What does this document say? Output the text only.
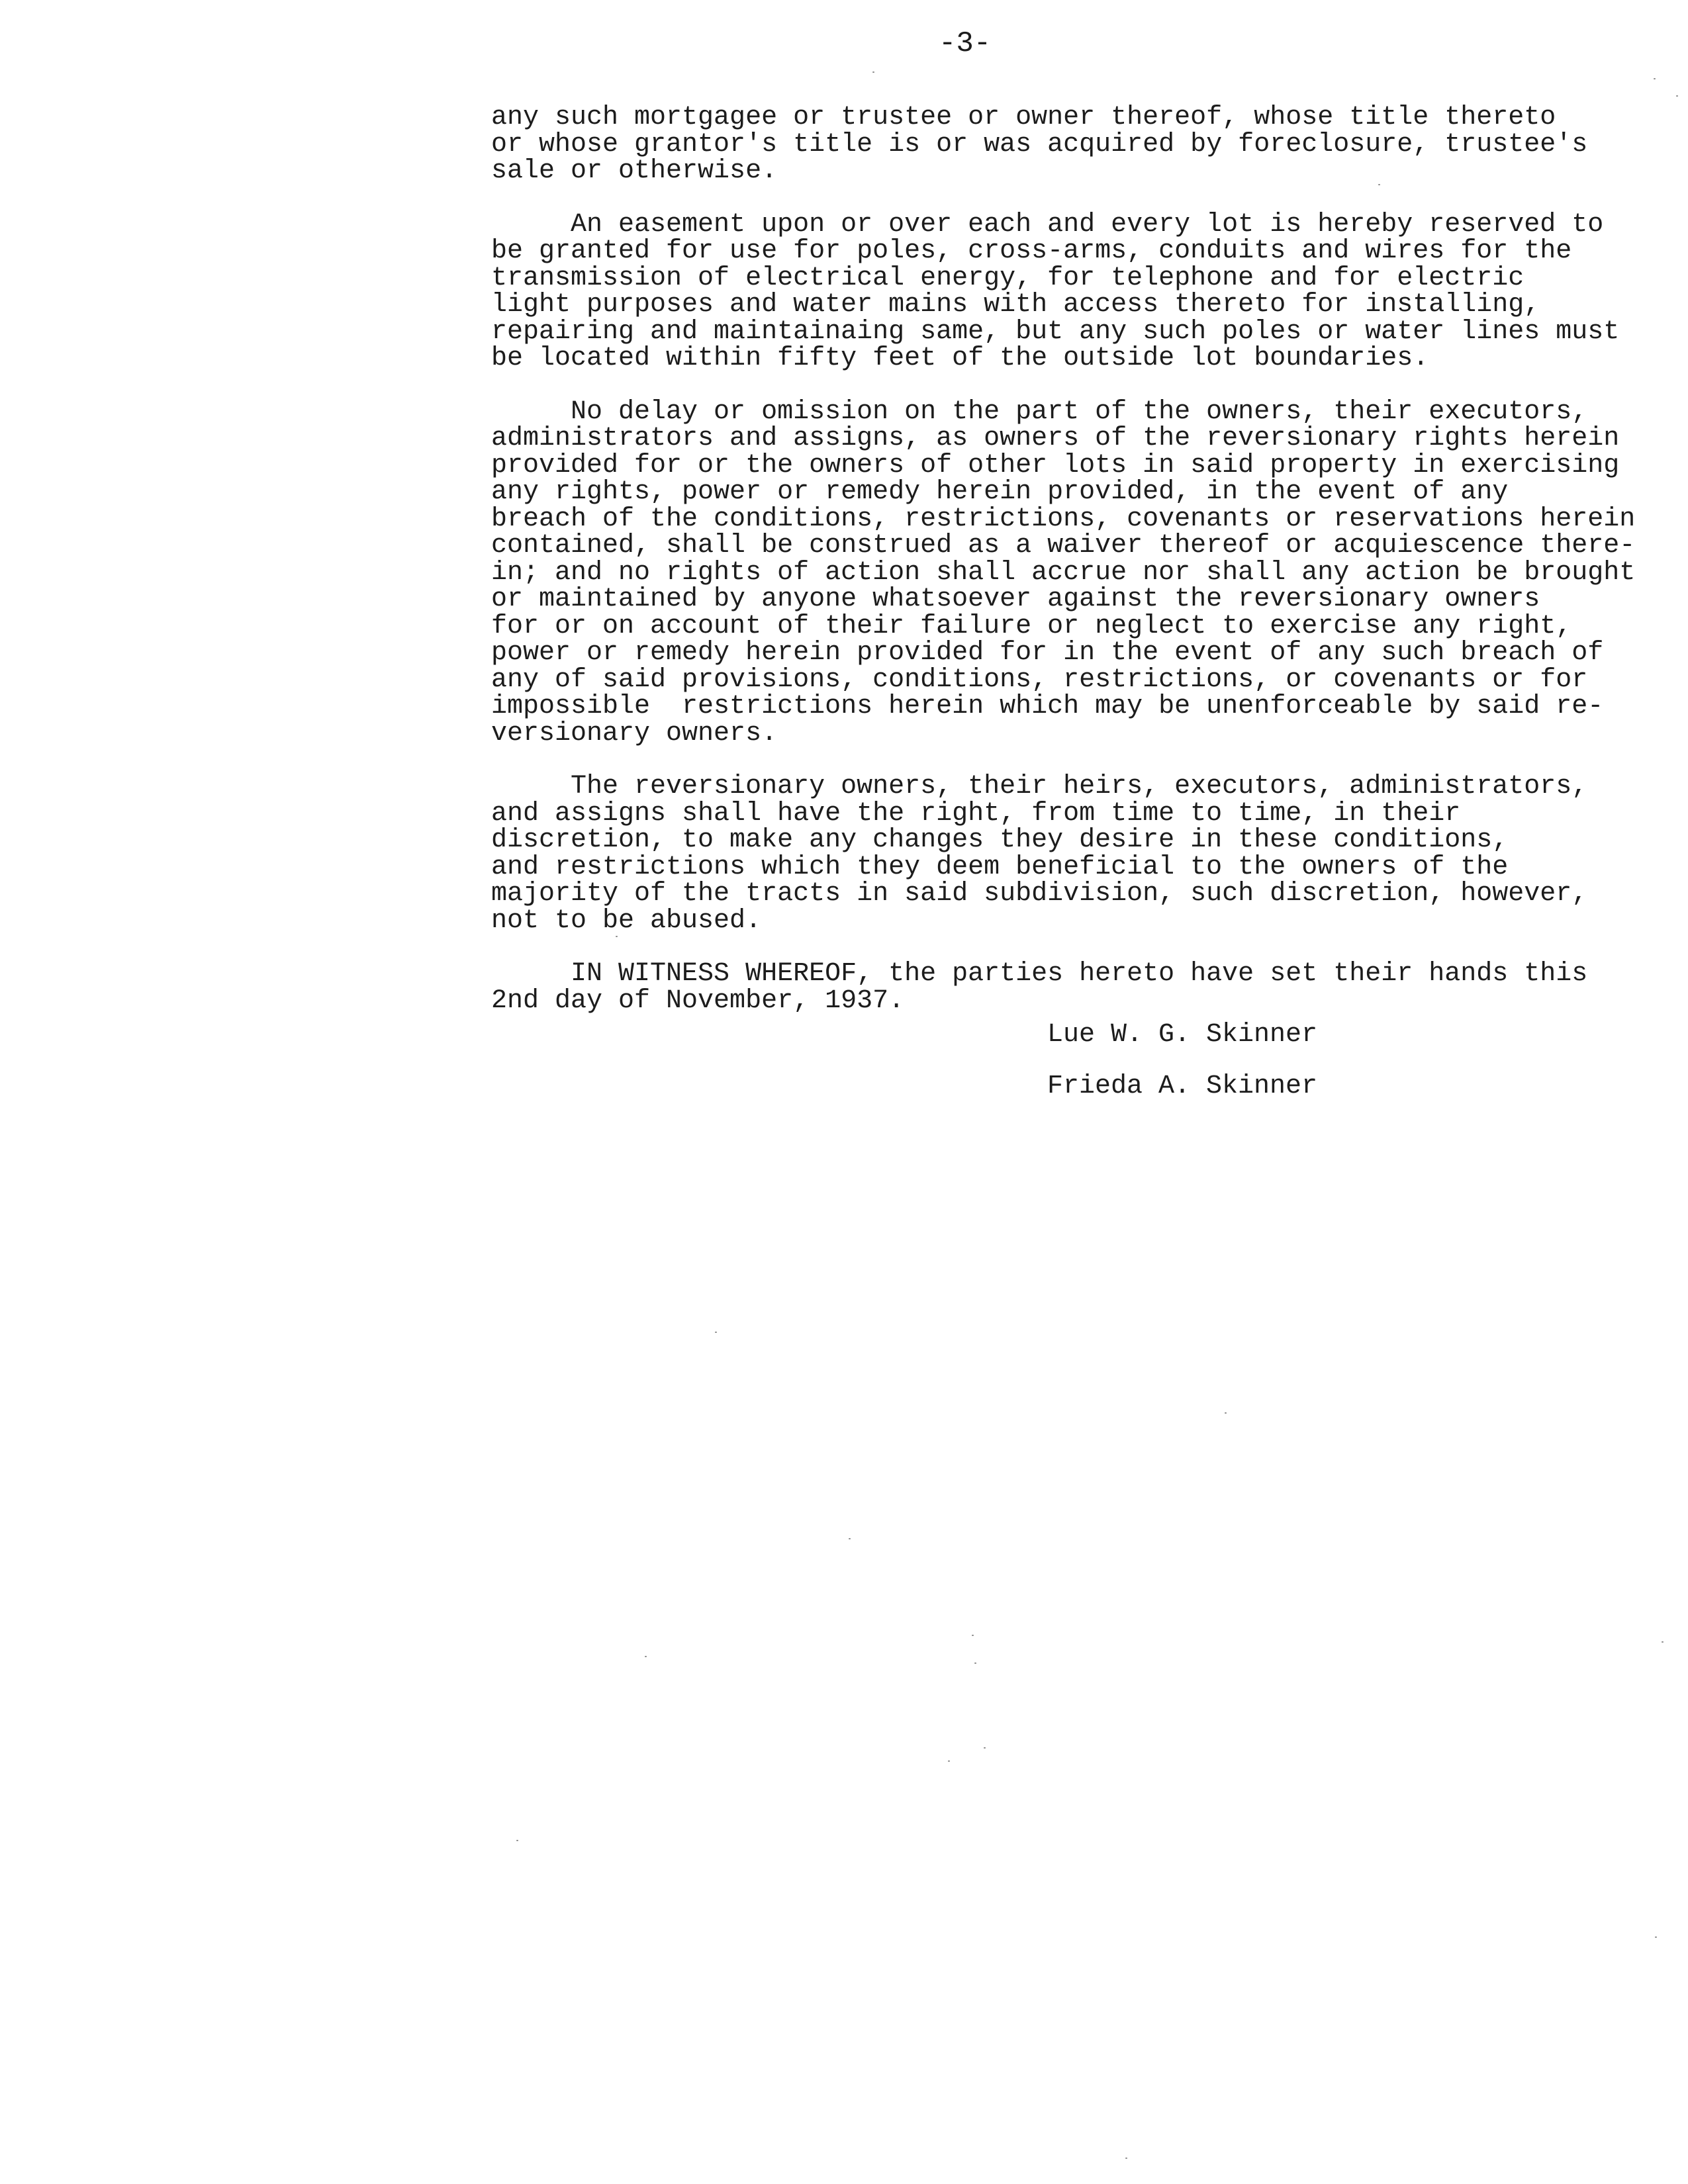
-3-
any such mortgagee or trustee or owner thereof, whose title thereto
or whose grantor's title is or was acquired by foreclosure, trustee's
sale or otherwise.
An easement upon or over each and every lot is hereby reserved to
be granted for use for poles, cross-arms, conduits and wires for the
transmission of electrical energy, for telephone and for electric
light purposes and water mains with access thereto for installing,
repairing and maintainaing same, but any such poles or water lines must
be located within fifty feet of the outside lot boundaries.
No delay or omission on the part of the owners, their executors,
administrators and assigns, as owners of the reversionary rights herein
provided for or the owners of other lots in said property in exercising
any rights, power or remedy herein provided, in the event of any
breach of the conditions, restrictions, covenants or reservations herein
contained, shall be construed as a waiver thereof or acquiescence there-
in; and no rights of action shall accrue nor shall any action be brought
or maintained by anyone whatsoever against the reversionary owners
for or on account of their failure or neglect to exercise any right,
power or remedy herein provided for in the event of any such breach of
any of said provisions, conditions, restrictions, or covenants or for
impossible  restrictions herein which may be unenforceable by said re-
versionary owners.
The reversionary owners, their heirs, executors, administrators,
and assigns shall have the right, from time to time, in their
discretion, to make any changes they desire in these conditions,
and restrictions which they deem beneficial to the owners of the
majority of the tracts in said subdivision, such discretion, however,
not to be abused.
IN WITNESS WHEREOF, the parties hereto have set their hands this
2nd day of November, 1937.
Lue W. G. Skinner
Frieda A. Skinner
